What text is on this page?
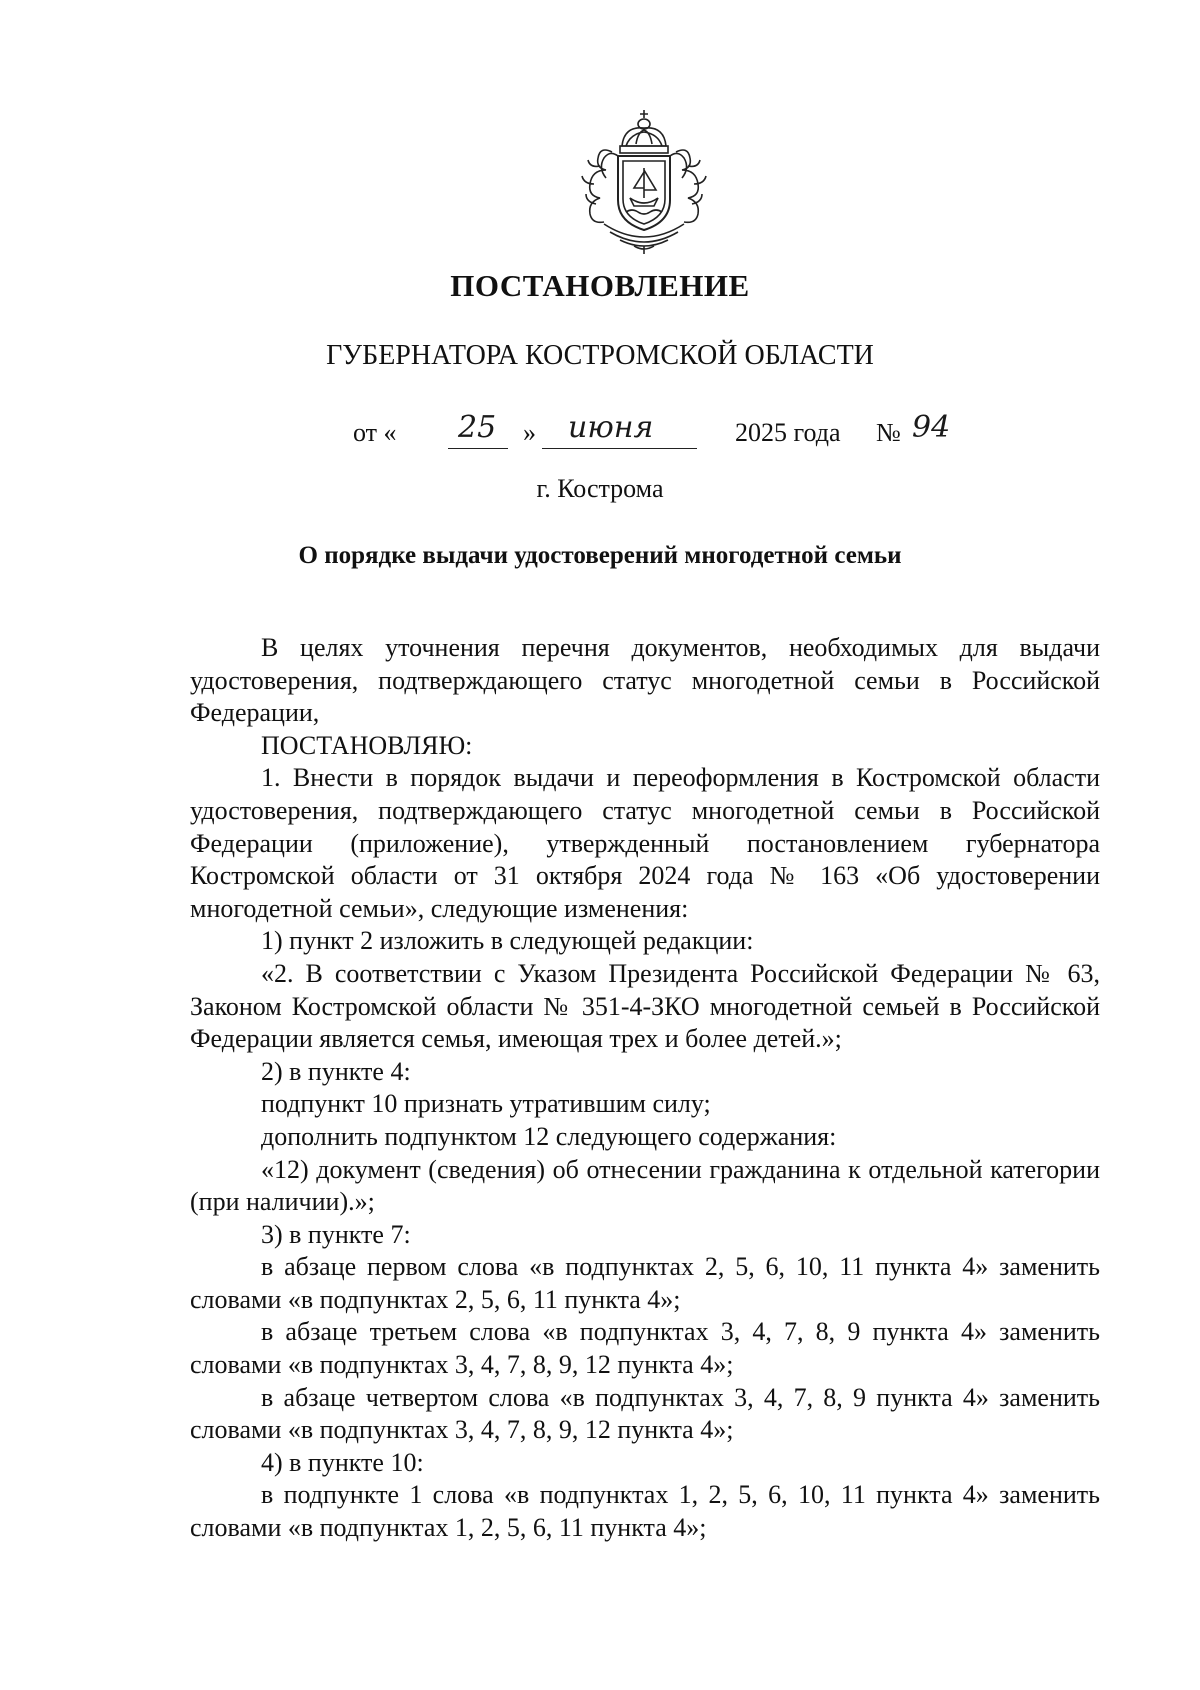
ПОСТАНОВЛЕНИЕ
ГУБЕРНАТОРА КОСТРОМСКОЙ ОБЛАСТИ
от « 25 » июня	2025 года № 94
г. Кострома
О порядке выдачи удостоверений многодетной семьи

В целях уточнения перечня документов, необходимых для выдачи удостоверения, подтверждающего статус многодетной семьи в Российской Федерации,

ПОСТАНОВЛЯЮ:

1. Внести в порядок выдачи и переоформления в Костромской области удостоверения, подтверждающего статус многодетной семьи в Российской Федерации (приложение), утвержденный постановлением губернатора Костромской области от 31 октября 2024 года № 163 «Об удостоверении многодетной семьи», следующие изменения:

1) пункт 2 изложить в следующей редакции:

«2. В соответствии с Указом Президента Российской Федерации № 63, Законом Костромской области № 351-4-ЗКО многодетной семьей в Российской Федерации является семья, имеющая трех и более детей.»;

2) в пункте 4:

подпункт 10 признать утратившим силу;

дополнить подпунктом 12 следующего содержания:

«12) документ (сведения) об отнесении гражданина к отдельной категории (при наличии).»;

3) в пункте 7:

в абзаце первом слова «в подпунктах 2, 5, 6, 10, 11 пункта 4» заменить словами «в подпунктах 2, 5, 6, 11 пункта 4»;

в абзаце третьем слова «в подпунктах 3, 4, 7, 8, 9 пункта 4» заменить словами «в подпунктах 3, 4, 7, 8, 9, 12 пункта 4»;

в абзаце четвертом слова «в подпунктах 3, 4, 7, 8, 9 пункта 4» заменить словами «в подпунктах 3, 4, 7, 8, 9, 12 пункта 4»;

4) в пункте 10:

в подпункте 1 слова «в подпунктах 1, 2, 5, 6, 10, 11 пункта 4» заменить словами «в подпунктах 1, 2, 5, 6, 11 пункта 4»;
